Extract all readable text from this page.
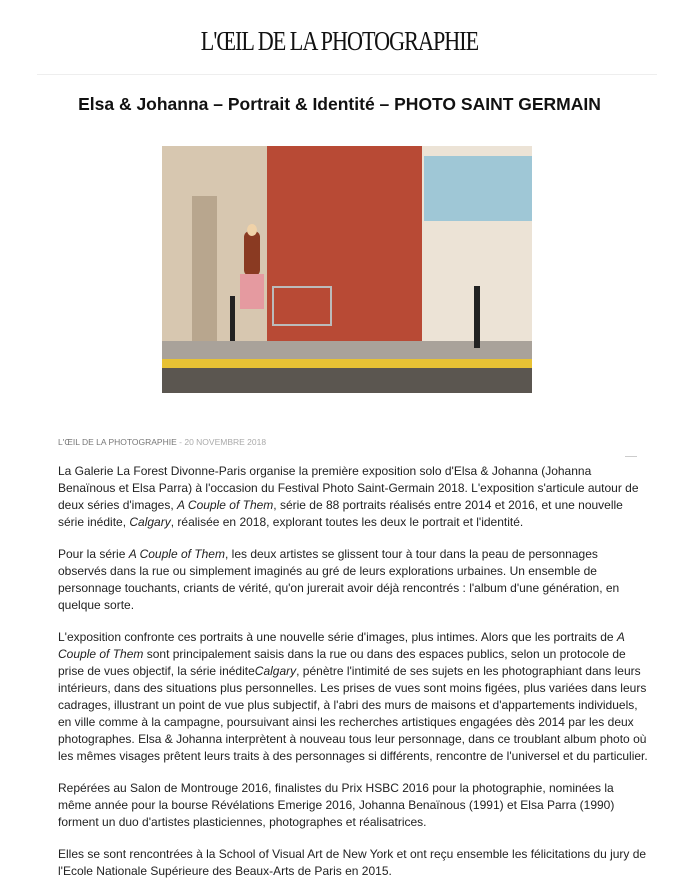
L'ŒIL DE LA PHOTOGRAPHIE
Elsa & Johanna – Portrait & Identité – PHOTO SAINT GERMAIN
L'ŒIL DE LA PHOTOGRAPHIE - 20 NOVEMBRE 2018

La Galerie La Forest Divonne-Paris organise la première exposition solo d'Elsa & Johanna (Johanna Benaïnous et Elsa Parra) à l'occasion du Festival Photo Saint-Germain 2018. L'exposition s'articule autour de deux séries d'images, A Couple of Them, série de 88 portraits réalisés entre 2014 et 2016, et une nouvelle série inédite, Calgary, réalisée en 2018, explorant toutes les deux le portrait et l'identité.

Pour la série A Couple of Them, les deux artistes se glissent tour à tour dans la peau de personnages observés dans la rue ou simplement imaginés au gré de leurs explorations urbaines. Un ensemble de personnage touchants, criants de vérité, qu'on jurerait avoir déjà rencontrés : l'album d'une génération, en quelque sorte.

L'exposition confronte ces portraits à une nouvelle série d'images, plus intimes. Alors que les portraits de A Couple of Them sont principalement saisis dans la rue ou dans des espaces publics, selon un protocole de prise de vues objectif, la série inéditeCalgary, pénètre l'intimité de ses sujets en les photographiant dans leurs intérieurs, dans des situations plus personnelles. Les prises de vues sont moins figées, plus variées dans leurs cadrages, illustrant un point de vue plus subjectif, à l'abri des murs de maisons et d'appartements individuels, en ville comme à la campagne, poursuivant ainsi les recherches artistiques engagées dès 2014 par les deux photographes. Elsa & Johanna interprètent à nouveau tous leur personnage, dans ce troublant album photo où les mêmes visages prêtent leurs traits à des personnages si différents, rencontre de l'universel et du particulier.

Repérées au Salon de Montrouge 2016, finalistes du Prix HSBC 2016 pour la photographie, nominées la même année pour la bourse Révélations Emerige 2016, Johanna Benaïnous (1991) et Elsa Parra (1990) forment un duo d'artistes plasticiennes, photographes et réalisatrices.

Elles se sont rencontrées à la School of Visual Art de New York et ont reçu ensemble les félicitations du jury de l'Ecole Nationale Supérieure des Beaux-Arts de Paris en 2015.
